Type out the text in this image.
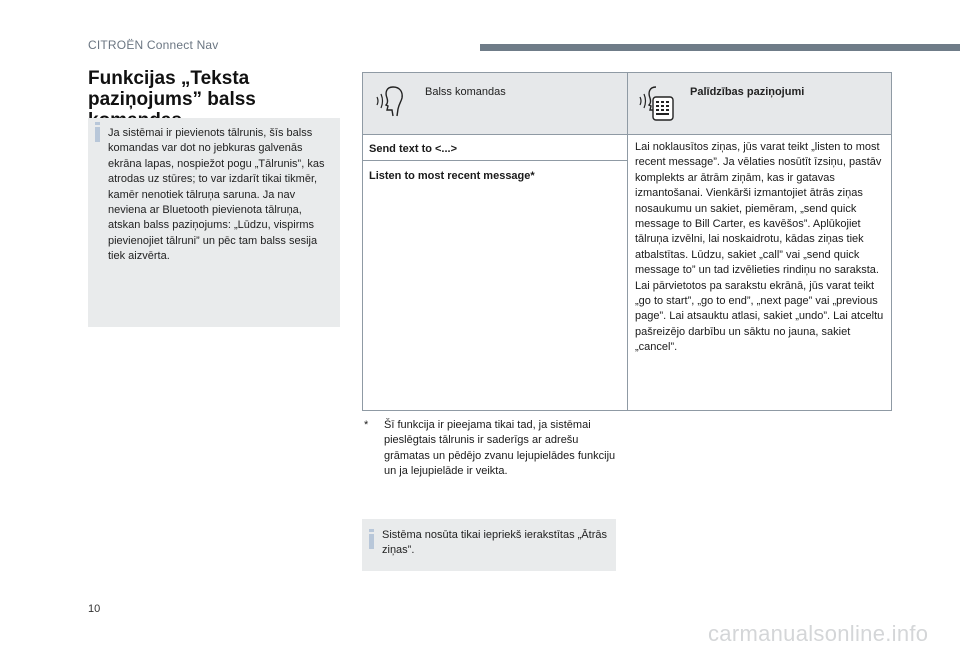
CITROËN Connect Nav
Funkcijas „Teksta paziņojums” balss
Ja sistēmai ir pievienots tālrunis, šīs balss komandas var dot no jebkuras galvenās ekrāna lapas, nospiežot pogu „Tālrunis”, kas atrodas uz stūres; to var izdarīt tikai tikmēr, kamēr nenotiek tālruņa saruna. Ja nav neviena ar Bluetooth pievienota tālruņa, atskan balss paziņojums: „Lūdzu, vispirms pievienojiet tālruni” un pēc tam balss sesija tiek aizvērta.
Balss komandas	Palīdzības paziņojumi
Send text to <...>
Listen to most recent message*
Lai noklausītos ziņas, jūs varat teikt „listen to most recent message”. Ja vēlaties nosūtīt īzsiņu, pastāv komplekts ar ātrām ziņām, kas ir gatavas izmantošanai. Vienkārši izmantojiet ātrās ziņas nosaukumu un sakiet, piemēram, „send quick message to Bill Carter, es kavēšos”. Aplūkojiet tālruņa izvēlni, lai noskaidrotu, kādas ziņas tiek atbalstītas. Lūdzu, sakiet „call” vai „send quick message to” un tad izvēlieties rindiņu no saraksta. Lai pārvietotos pa sarakstu ekrānā, jūs varat teikt „go to start”, „go to end”, „next page” vai „previous page”. Lai atsauktu atlasi, sakiet „undo”. Lai atceltu pašreizējo darbību un sāktu no jauna, sakiet „cancel”.
* Šī funkcija ir pieejama tikai tad, ja sistēmai pieslēgtais tālrunis ir saderīgs ar adrešu grāmatas un pēdējo zvanu lejupielādes funkciju un ja lejupielāde ir veikta.
Sistēma nosūta tikai iepriekš ierakstītas „Ātrās ziņas”.
10
carmanualsonline.info
